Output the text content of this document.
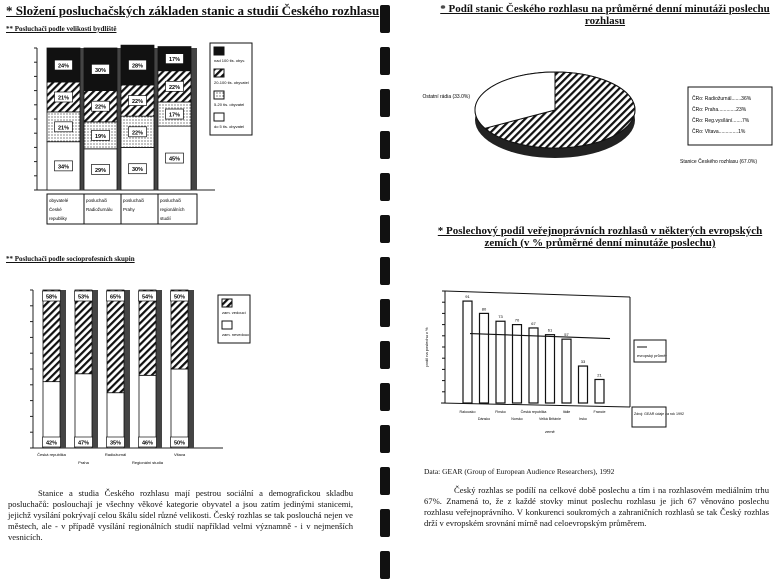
* Složení posluchačských základen stanic a studií Českého rozhlasu
** Posluchači podle velikosti bydliště
34%
21%
21%
24%
obyvatelé
České
republiky
29%
19%
22%
30%
posluchači
Radiožurnálu
30%
22%
22%
28%
posluchači
Prahy
45%
17%
22%
17%
posluchači
regionálních
studií
nad 100 tis. obyv.
20-100 tis. obyvatel
5-20 tis. obyvatel
do 5 tis. obyvatel
** Posluchači podle socioprofesních skupin
42%
58%
Česká republika
47%
53%
Praha
35%
65%
Radiožurnál
46%
54%
Regionální studia
50%
50%
Vltava
zam. vedoucí
zam. nevedoucí
Stanice a studia Českého rozhlasu mají pestrou sociální a demografickou skladbu posluchačů: poslouchají je všechny věkové kategorie obyvatel a jsou zatím jedinými stanicemi, jejichž vysílání pokrývají celou škálu sídel různé velikosti. Český rozhlas se tak poslouchá nejen ve městech, ale - v případě vysílání regionálních studií například velmi významně - i v nejmenších vesnicích.
* Podíl stanic Českého rozhlasu na průměrné denní minutáži poslechu rozhlasu
Ostatní rádia (33.0%)
Stanice Českého rozhlasu (67.0%)
ČRo: Radiožurnál.......36%
ČRo: Praha.............23%
ČRo: Reg.vysílání.......7%
ČRo: Vltava..............1%
* Poslechový podíl veřejnoprávních rozhlasů v některých evropských zemích (v % průměrné denní minutáže poslechu)
podíl na poslechu v %
91
Rakousko
80
Dánsko
73
Finsko
70
Norsko
67
Česká republika
61
Velká Británie
57
Itálie
33
Irsko
21
Francie
země
evropský průměr
Zdroj: GEAR údaje za rok 1992
Data: GEAR (Group of European Audience Researchers), 1992
Český rozhlas se podílí na celkové době poslechu a tím i na rozhlasovém mediálním trhu 67%. Znamená to, že z každé stovky minut poslechu rozhlasu je jich 67 věnováno poslechu rozhlasu veřejnoprávního. V konkurenci soukromých a zahraničních rozhlasů se tak Český rozhlas drží v evropském srovnání mírně nad celoevropským průměrem.
